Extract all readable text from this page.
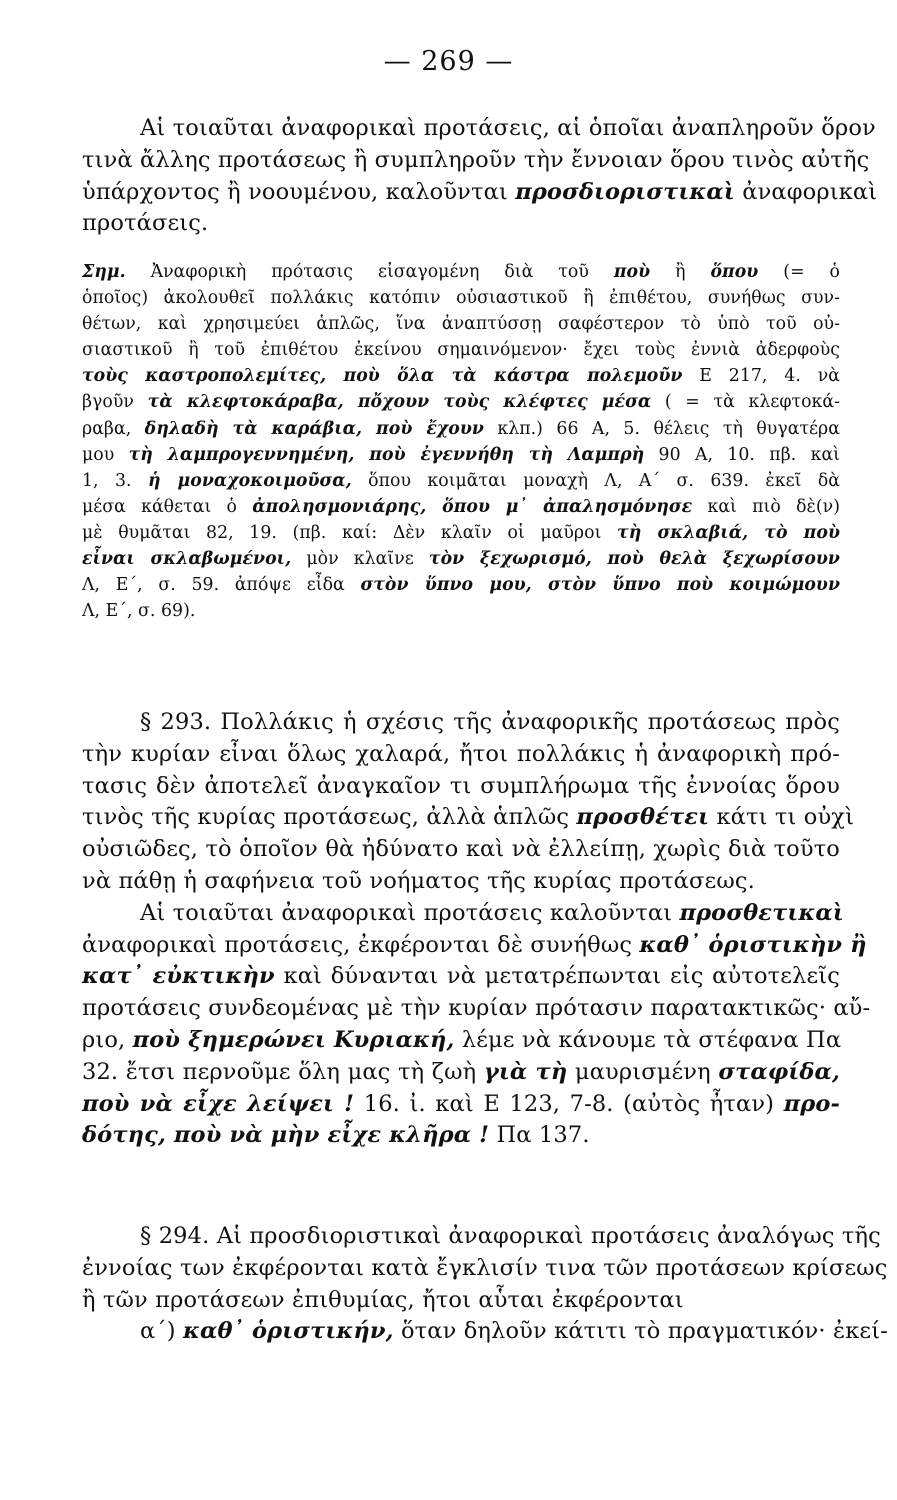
— 269 —
Αἱ τοιαῦται ἀναφορικαὶ προτάσεις, αἱ ὁποῖαι ἀναπληροῦν ὅρον
τινὰ ἄλλης προτάσεως ἢ συμπληροῦν τὴν ἔννοιαν ὅρου τινὸς αὐτῆς
ὑπάρχοντος ἢ νοουμένου, καλοῦνται προσδιοριστικαὶ ἀναφορικαὶ
προτάσεις.
Σημ. Ἀναφορικὴ πρότασις εἰσαγομένη διὰ τοῦ ποὺ ἢ ὅπου (= ὁ
ὁποῖος) ἀκολουθεῖ πολλάκις κατόπιν οὐσιαστικοῦ ἢ ἐπιθέτου, συνήθως συν-
θέτων, καὶ χρησιμεύει ἁπλῶς, ἵνα ἀναπτύσσῃ σαφέστερον τὸ ὑπὸ τοῦ οὐ-
σιαστικοῦ ἢ τοῦ ἐπιθέτου ἐκείνου σημαινόμενον· ἔχει τοὺς ἐννιὰ ἀδερφοὺς
τοὺς καστροπολεμίτες, ποὺ ὅλα τὰ κάστρα πολεμοῦν Ε 217, 4. νὰ
βγοῦν τὰ κλεφτοκάραβα, πὄχουν τοὺς κλέφτες μέσα ( = τὰ κλεφτοκά-
ραβα, δηλαδὴ τὰ καράβια, ποὺ ἔχουν κλπ.) 66 Α, 5. θέλεις τὴ θυγατέρα
μου τὴ λαμπρογεννημένη, ποὺ ἐγεννήθη τὴ Λαμπρὴ 90 Α, 10. πβ. καὶ
1, 3. ἡ μοναχοκοιμοῦσα, ὅπου κοιμᾶται μοναχὴ Λ, Α΄ σ. 639. ἐκεῖ δὰ
μέσα κάθεται ὁ ἀπολησμονιάρης, ὅπου μ᾿ ἀπαλησμόνησε καὶ πιὸ δὲ(ν)
μὲ θυμᾶται 82, 19. (πβ. καί: Δὲν κλαῖν οἱ μαῦροι τὴ σκλαβιά, τὸ ποὺ
εἶναι σκλαβωμένοι, μὸν κλαῖνε τὸν ξεχωρισμό, ποὺ θελὰ ξεχωρίσουν
Λ, Ε΄, σ. 59. ἀπόψε εἶδα στὸν ὕπνο μου, στὸν ὕπνο ποὺ κοιμώμουν
Λ, Ε΄, σ. 69).
§ 293. Πολλάκις ἡ σχέσις τῆς ἀναφορικῆς προτάσεως πρὸς
τὴν κυρίαν εἶναι ὅλως χαλαρά, ἤτοι πολλάκις ἡ ἀναφορικὴ πρό-
τασις δὲν ἀποτελεῖ ἀναγκαῖον τι συμπλήρωμα τῆς ἐννοίας ὅρου
τινὸς τῆς κυρίας προτάσεως, ἀλλὰ ἁπλῶς προσθέτει κάτι τι οὐχὶ
οὐσιῶδες, τὸ ὁποῖον θὰ ἠδύνατο καὶ νὰ ἐλλείπῃ, χωρὶς διὰ τοῦτο
νὰ πάθῃ ἡ σαφήνεια τοῦ νοήματος τῆς κυρίας προτάσεως.
Αἱ τοιαῦται ἀναφορικαὶ προτάσεις καλοῦνται προσθετικαὶ
ἀναφορικαὶ προτάσεις, ἐκφέρονται δὲ συνήθως καθ᾿ ὁριστικὴν ἢ
κατ᾿ εὐκτικὴν καὶ δύνανται νὰ μετατρέπωνται εἰς αὐτοτελεῖς
προτάσεις συνδεομένας μὲ τὴν κυρίαν πρότασιν παρατακτικῶς· αὔ-
ριο, ποὺ ξημερώνει Κυριακή, λέμε νὰ κάνουμε τὰ στέφανα Πα
32. ἔτσι περνοῦμε ὅλη μας τὴ ζωὴ γιὰ τὴ μαυρισμένη σταφίδα,
ποὺ νὰ εἶχε λείψει ! 16. ἰ. καὶ Ε 123, 7-8. (αὐτὸς ἦταν) προ-
δότης, ποὺ νὰ μὴν εἶχε κλῆρα ! Πα 137.
§ 294. Αἱ προσδιοριστικαὶ ἀναφορικαὶ προτάσεις ἀναλόγως τῆς
ἐννοίας των ἐκφέρονται κατὰ ἔγκλισίν τινα τῶν προτάσεων κρίσεως
ἢ τῶν προτάσεων ἐπιθυμίας, ἤτοι αὗται ἐκφέρονται
α΄) καθ᾿ ὁριστικήν, ὅταν δηλοῦν κάτιτι τὸ πραγματικόν· ἐκεί-
